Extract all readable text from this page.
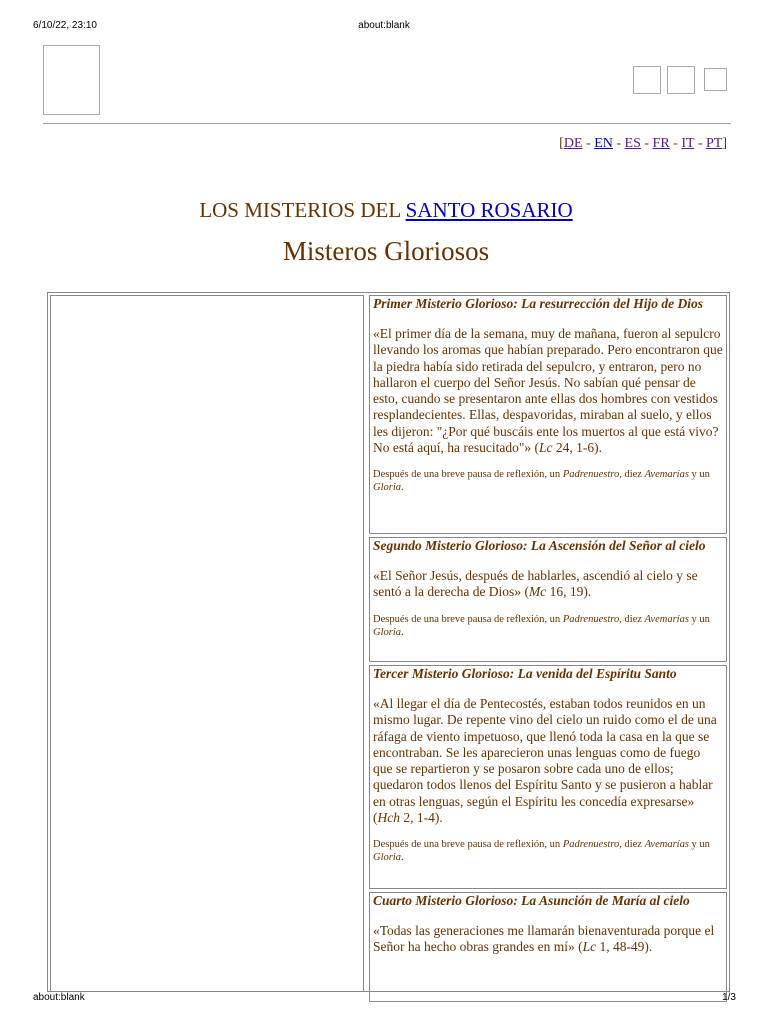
6/10/22, 23:10	about:blank
[DE - EN - ES - FR - IT - PT]
LOS MISTERIOS DEL SANTO ROSARIO
Misteros Gloriosos
Primer Misterio Glorioso: La resurrección del Hijo de Dios

«El primer día de la semana, muy de mañana, fueron al sepulcro llevando los aromas que habían preparado. Pero encontraron que la piedra había sido retirada del sepulcro, y entraron, pero no hallaron el cuerpo del Señor Jesús. No sabían qué pensar de esto, cuando se presentaron ante ellas dos hombres con vestidos resplandecientes. Ellas, despavoridas, miraban al suelo, y ellos les dijeron: "¿Por qué buscáis ente los muertos al que está vivo? No está aquí, ha resucitado"» (Lc 24, 1-6).

Después de una breve pausa de reflexión, un Padrenuestro, diez Avemarías y un Gloria.

Segundo Misterio Glorioso: La Ascensión del Señor al cielo

«El Señor Jesús, después de hablarles, ascendió al cielo y se sentó a la derecha de Dios» (Mc 16, 19).

Después de una breve pausa de reflexión, un Padrenuestro, diez Avemarías y un Gloria.

Tercer Misterio Glorioso: La venida del Espíritu Santo

«Al llegar el día de Pentecostés, estaban todos reunidos en un mismo lugar. De repente vino del cielo un ruido como el de una ráfaga de viento impetuoso, que llenó toda la casa en la que se encontraban. Se les aparecieron unas lenguas como de fuego que se repartieron y se posaron sobre cada uno de ellos; quedaron todos llenos del Espíritu Santo y se pusieron a hablar en otras lenguas, según el Espíritu les concedía expresarse» (Hch 2, 1-4).

Después de una breve pausa de reflexión, un Padrenuestro, diez Avemarías y un Gloria.

Cuarto Misterio Glorioso: La Asunción de María al cielo

«Todas las generaciones me llamarán bienaventurada porque el Señor ha hecho obras grandes en mí» (Lc 1, 48-49).

about:blank	1/3
